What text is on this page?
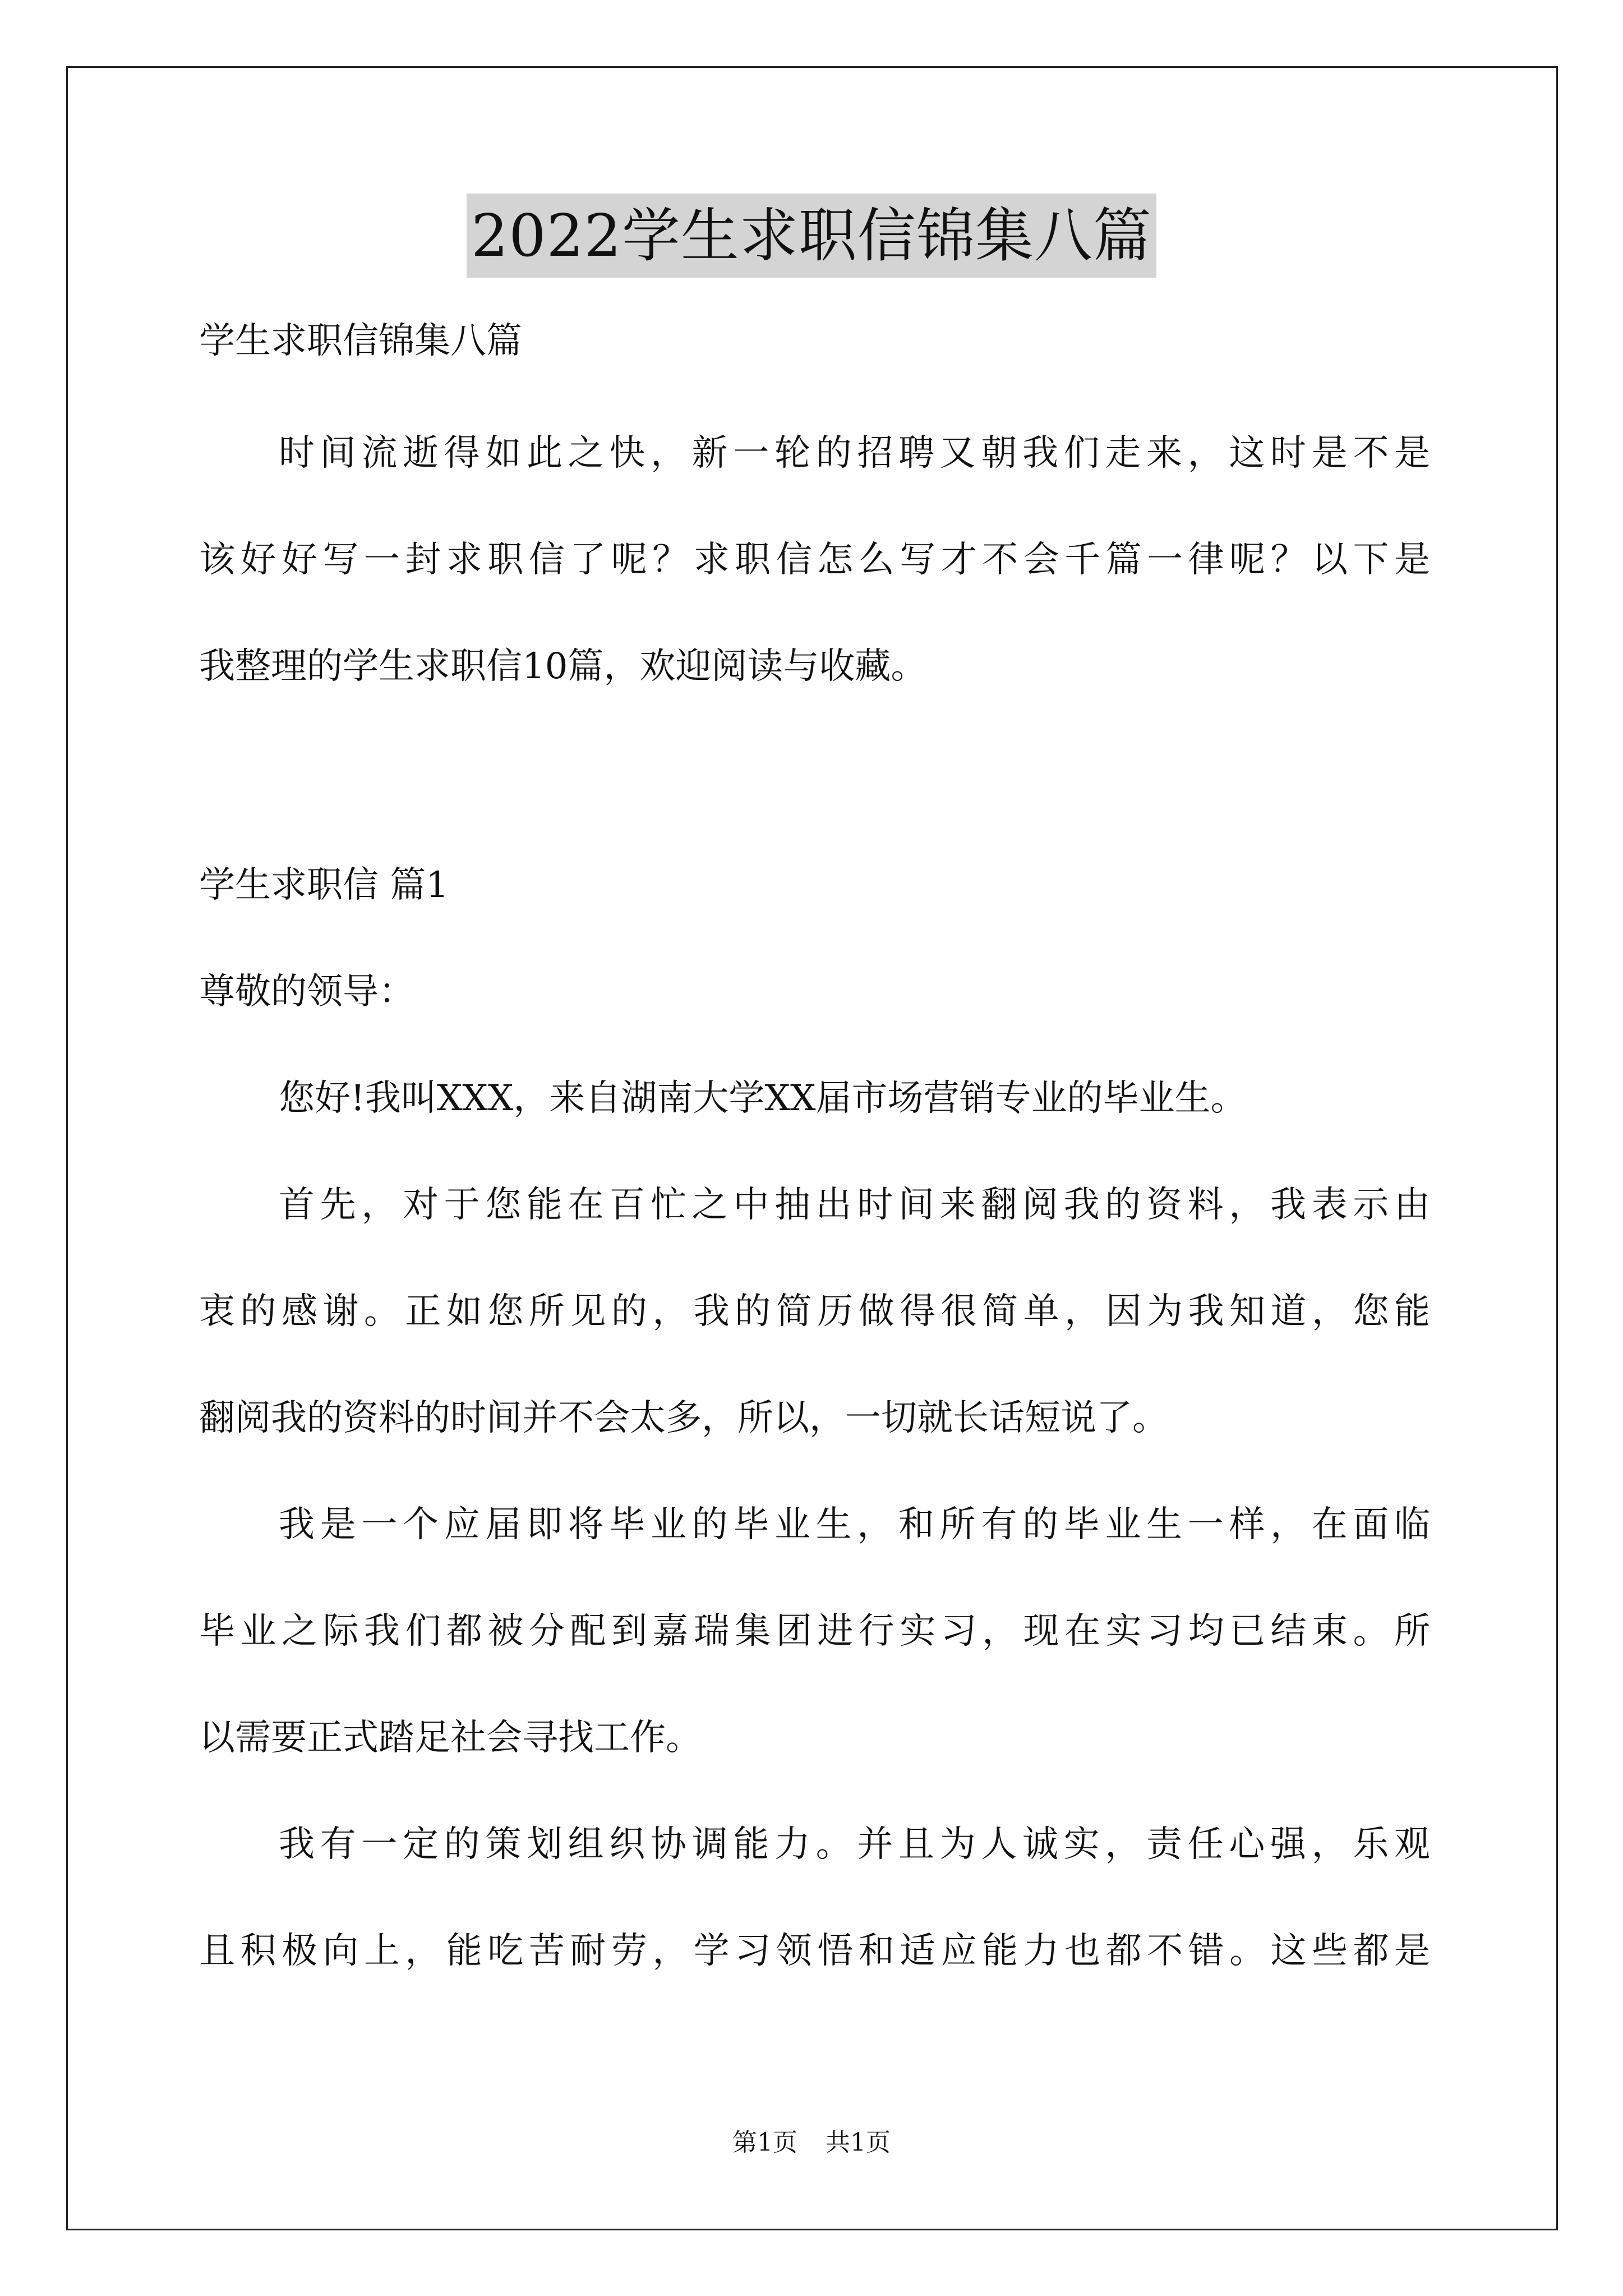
2022学生求职信锦集八篇

学生求职信锦集八篇

时间流逝得如此之快，新一轮的招聘又朝我们走来，这时是不是

该好好写一封求职信了呢？求职信怎么写才不会千篇一律呢？以下是

我整理的学生求职信10篇，欢迎阅读与收藏。

学生求职信 篇1

尊敬的领导：

您好!我叫XXX，来自湖南大学XX届市场营销专业的毕业生。

首先，对于您能在百忙之中抽出时间来翻阅我的资料，我表示由

衷的感谢。正如您所见的，我的简历做得很简单，因为我知道，您能

翻阅我的资料的时间并不会太多，所以，一切就长话短说了。

我是一个应届即将毕业的毕业生，和所有的毕业生一样，在面临

毕业之际我们都被分配到嘉瑞集团进行实习，现在实习均已结束。所

以需要正式踏足社会寻找工作。

我有一定的策划组织协调能力。并且为人诚实，责任心强，乐观

且积极向上，能吃苦耐劳，学习领悟和适应能力也都不错。这些都是

第1页 共1页
